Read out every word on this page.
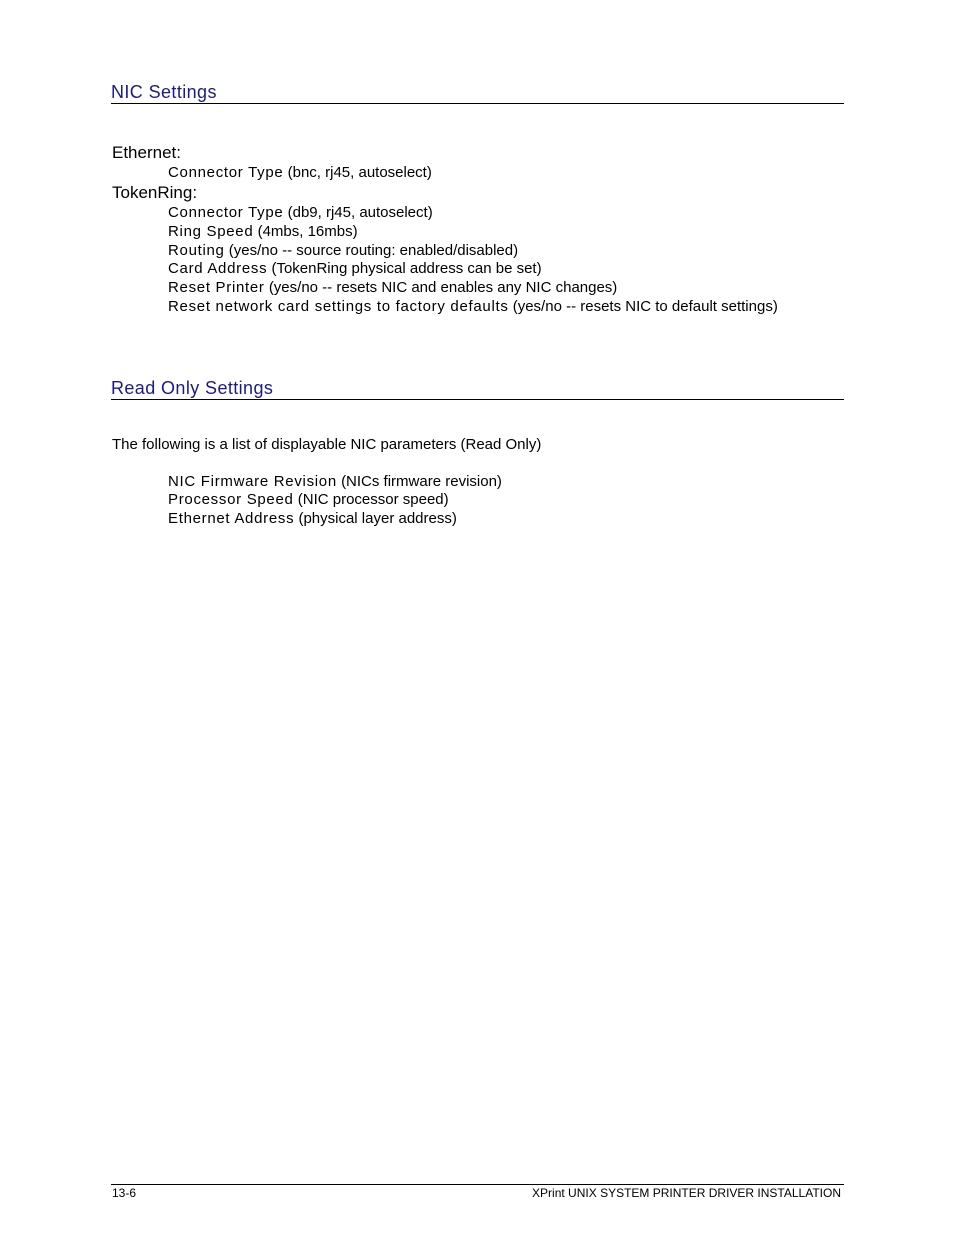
NIC Settings
Ethernet:
Connector Type (bnc, rj45, autoselect)
TokenRing:
Connector Type (db9, rj45, autoselect)
Ring Speed (4mbs, 16mbs)
Routing (yes/no -- source routing: enabled/disabled)
Card Address (TokenRing physical address can be set)
Reset Printer (yes/no -- resets NIC and enables any NIC changes)
Reset network card settings to factory defaults (yes/no -- resets NIC to default settings)
Read Only Settings
The following is a list of displayable NIC parameters (Read Only)
NIC Firmware Revision (NICs firmware revision)
Processor Speed (NIC processor speed)
Ethernet Address (physical layer address)
13-6	XPrint UNIX SYSTEM PRINTER DRIVER INSTALLATION
